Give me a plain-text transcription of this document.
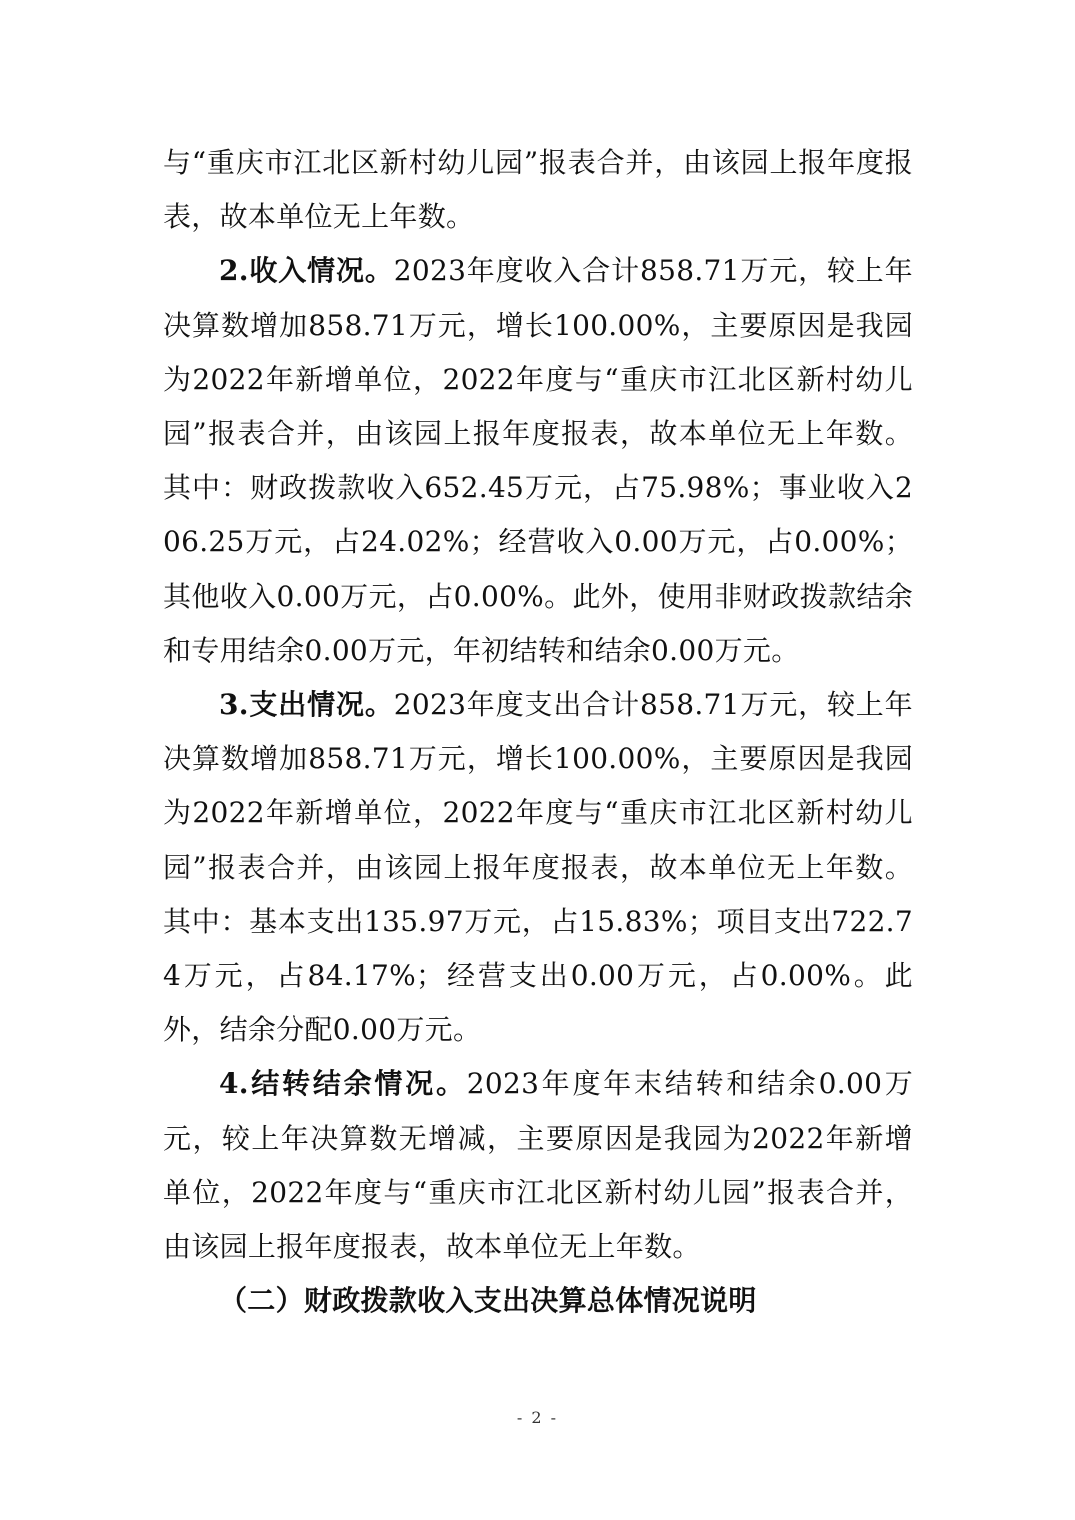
与“重庆市江北区新村幼儿园”报表合并，由该园上报年度报表，故本单位无上年数。

2.收入情况。2023年度收入合计858.71万元，较上年决算数增加858.71万元，增长100.00%，主要原因是我园为2022年新增单位，2022年度与“重庆市江北区新村幼儿园”报表合并，由该园上报年度报表，故本单位无上年数。其中：财政拨款收入652.45万元，占75.98%；事业收入206.25万元，占24.02%；经营收入0.00万元，占0.00%；其他收入0.00万元，占0.00%。此外，使用非财政拨款结余和专用结余0.00万元，年初结转和结余0.00万元。

3.支出情况。2023年度支出合计858.71万元，较上年决算数增加858.71万元，增长100.00%，主要原因是我园为2022年新增单位，2022年度与“重庆市江北区新村幼儿园”报表合并，由该园上报年度报表，故本单位无上年数。其中：基本支出135.97万元，占15.83%；项目支出722.74万元，占84.17%；经营支出0.00万元，占0.00%。此外，结余分配0.00万元。

4.结转结余情况。2023年度年末结转和结余0.00万元，较上年决算数无增减，主要原因是我园为2022年新增单位，2022年度与“重庆市江北区新村幼儿园”报表合并，由该园上报年度报表，故本单位无上年数。

（二）财政拨款收入支出决算总体情况说明

- 2 -
